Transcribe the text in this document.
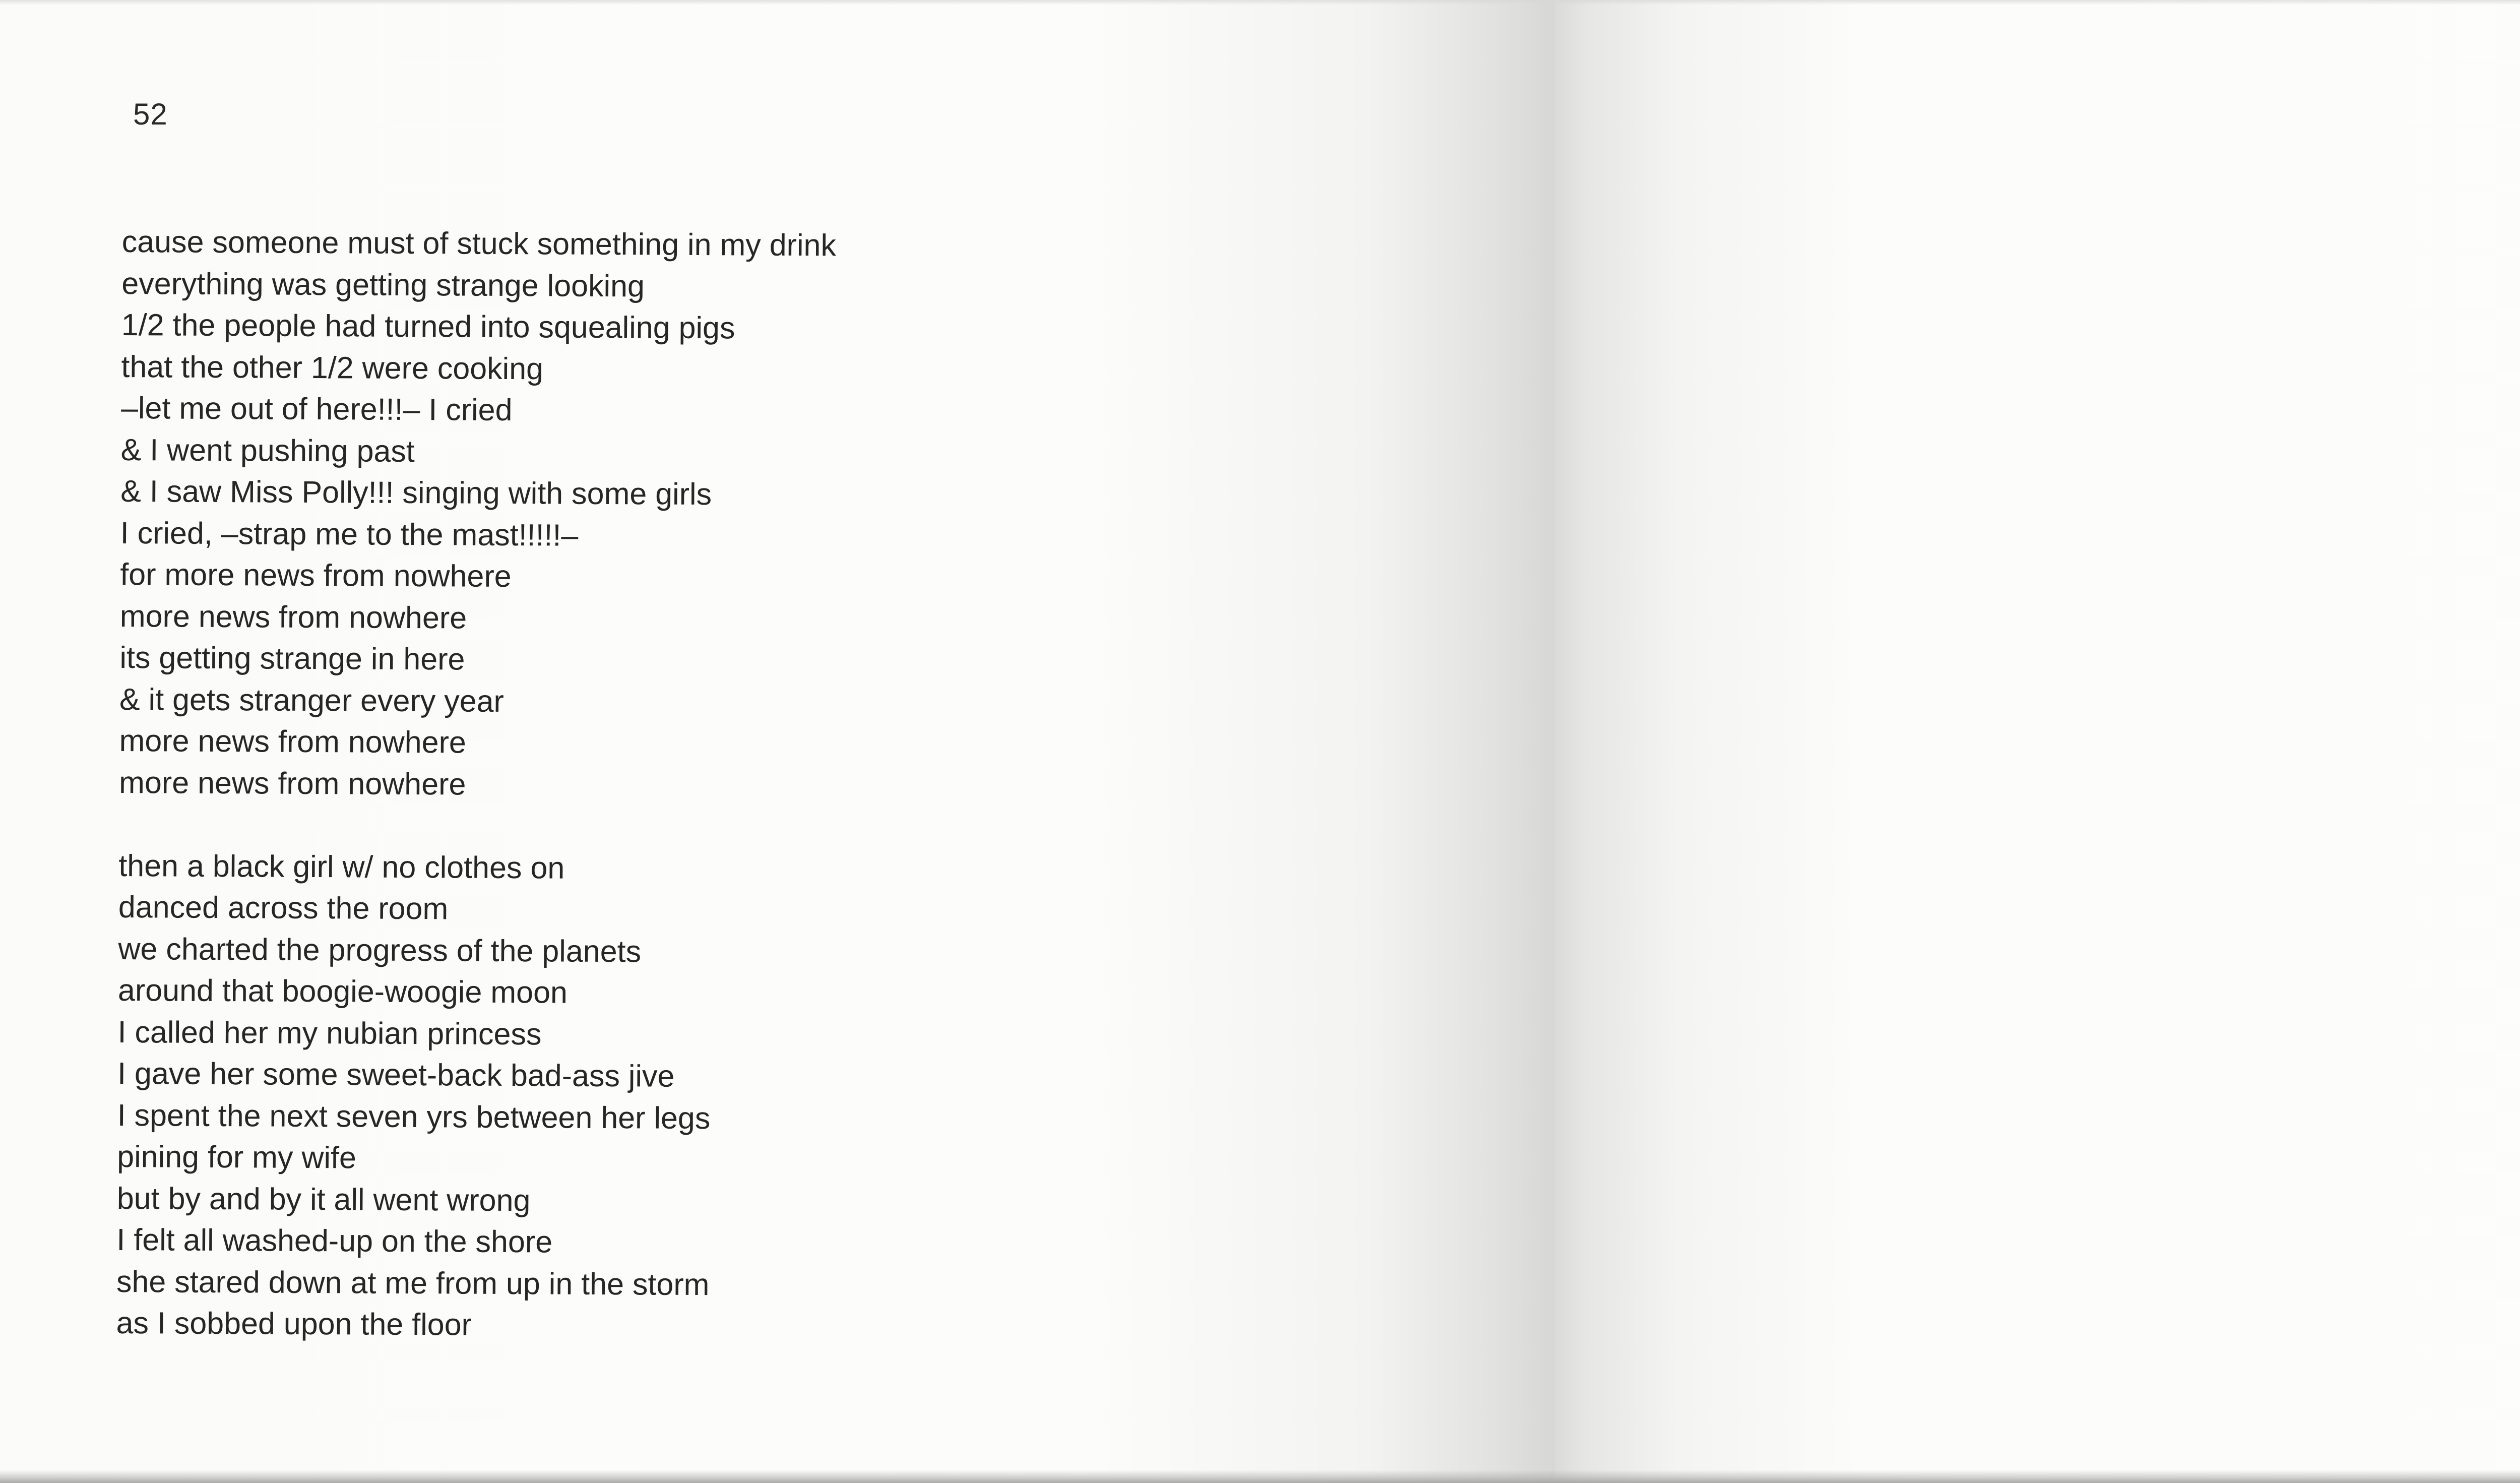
52
cause someone must of stuck something in my drink
everything was getting strange looking
1/2 the people had turned into squealing pigs
that the other 1/2 were cooking
–let me out of here!!!– I cried
& I went pushing past
& I saw Miss Polly!!! singing with some girls
I cried, –strap me to the mast!!!!!–
for more news from nowhere
more news from nowhere
its getting strange in here
& it gets stranger every year
more news from nowhere
more news from nowhere
then a black girl w/ no clothes on
danced across the room
we charted the progress of the planets
around that boogie-woogie moon
I called her my nubian princess
I gave her some sweet-back bad-ass jive
I spent the next seven yrs between her legs
pining for my wife
but by and by it all went wrong
I felt all washed-up on the shore
she stared down at me from up in the storm
as I sobbed upon the floor
